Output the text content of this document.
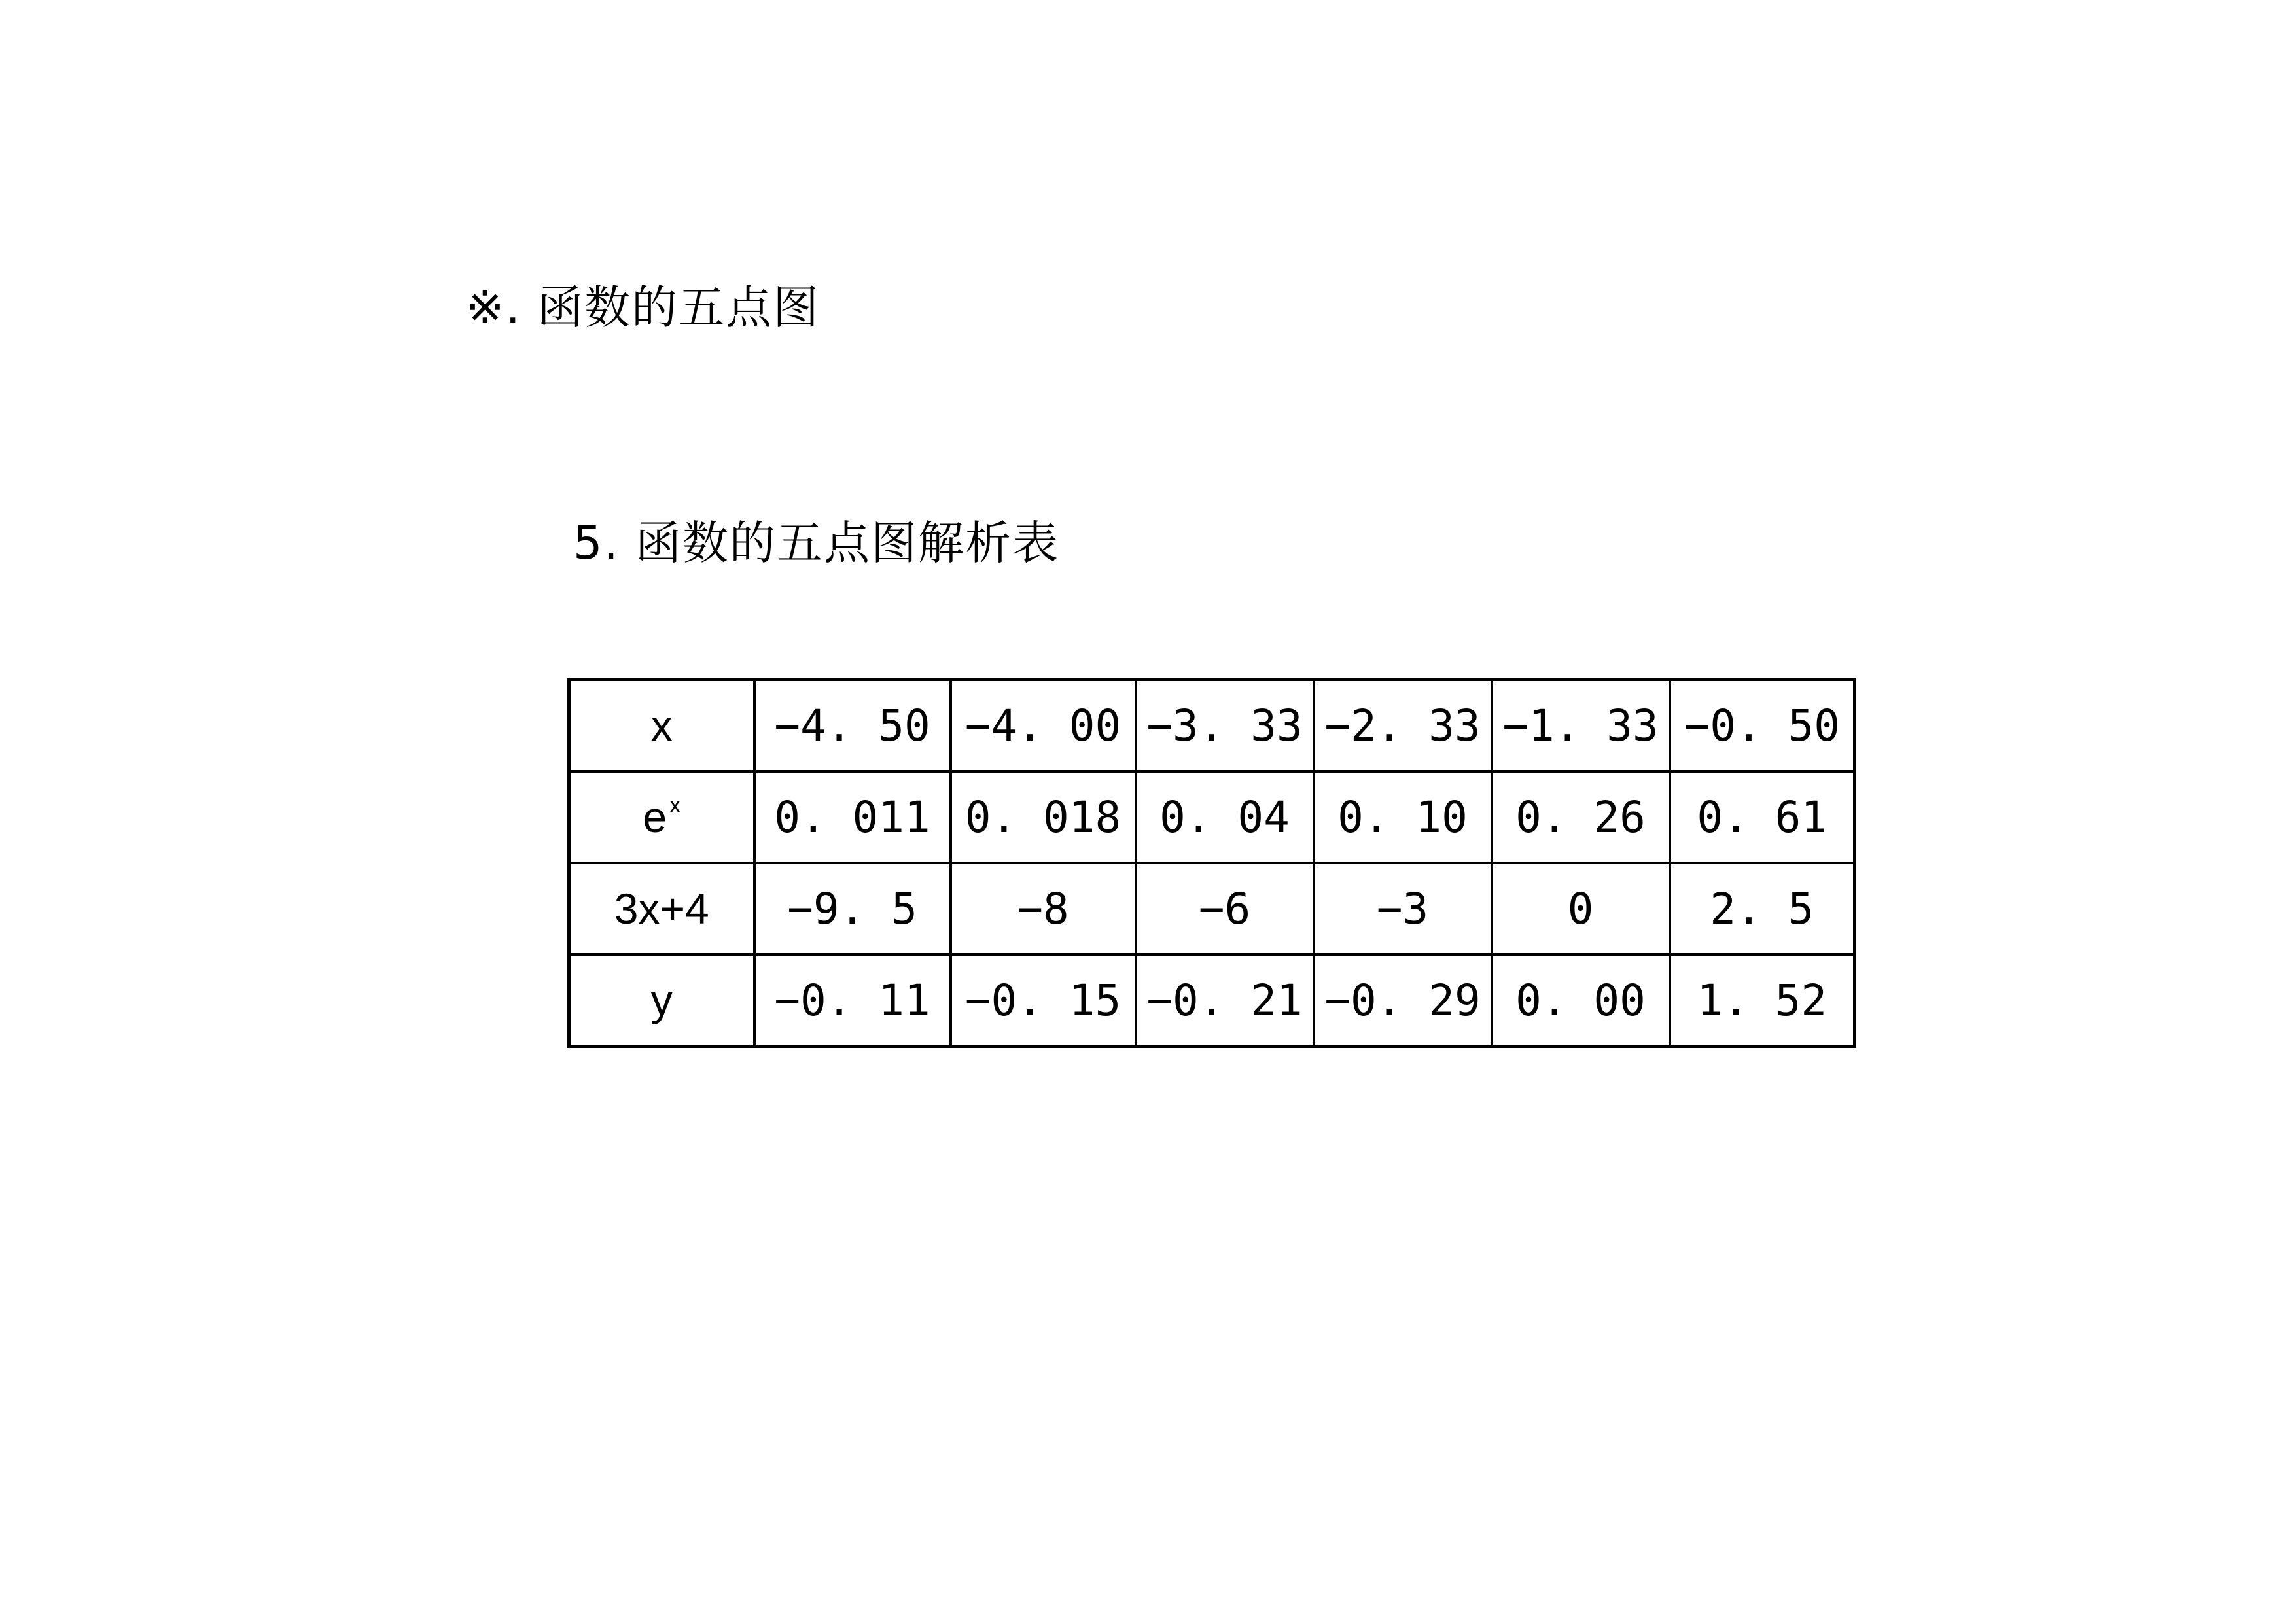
※. 函数的五点图
5. 函数的五点图解析表
x	−4. 50	−4. 00	−3. 33	−2. 33	−1. 33	−0. 50
e $^x$	0. 011	0. 018	0. 04	0. 10	0. 26	0. 61
3x+4	−9. 5	−8	−6	−3	0	2. 5
y	−0. 11	−0. 15	−0. 21	−0. 29	0. 00	1. 52
